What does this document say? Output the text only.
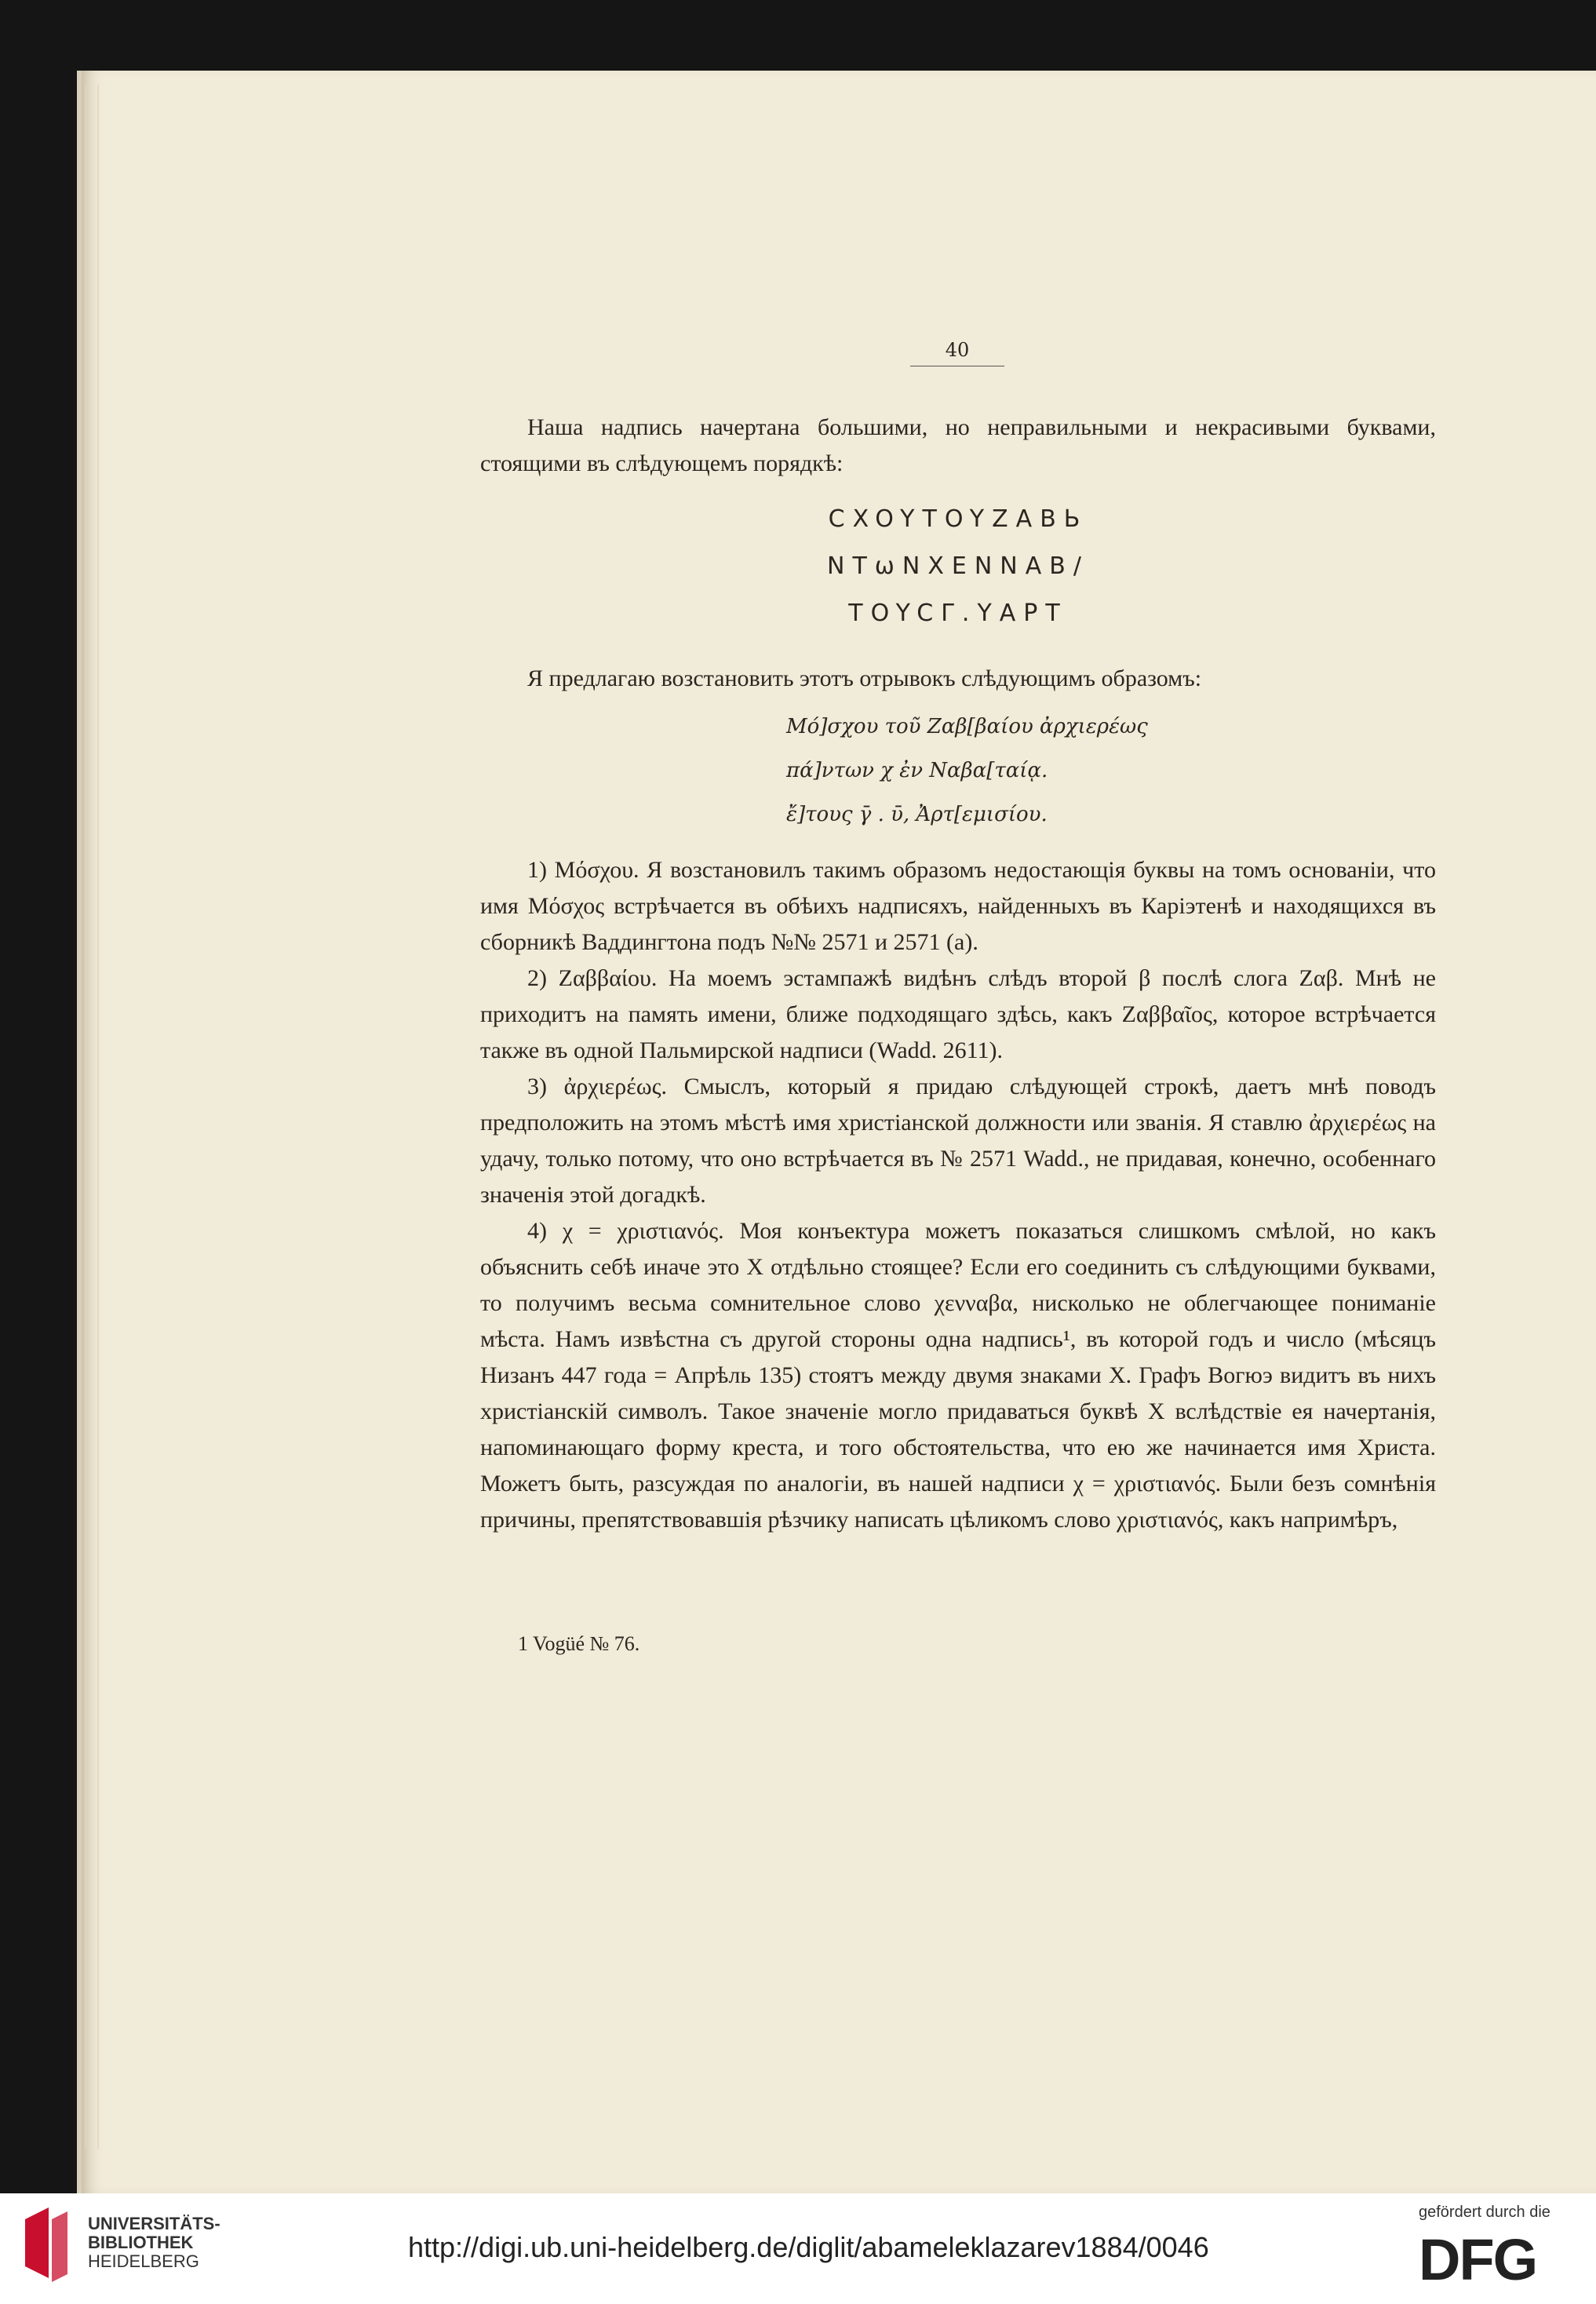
40

Наша надпись начертана большими, но неправильными и некрасивыми буквами, стоящими въ слѣдующемъ порядкѣ:

CXOYTOYZABЬ
NTωNXENNAB∕
TOYCΓ.ΥAPT

Я предлагаю возстановить этотъ отрывокъ слѣдующимъ образомъ:

Μό]σχου τοῦ Ζαβ[βαίου ἀρχιερέως
πά]ντων χ ἐν Ναβα[ταίᾳ.
ἔ]τους γ̄ . ῡ, Ἀρτ[εμισίου.

1) Μόσχου. Я возстановилъ такимъ образомъ недостающія буквы на томъ основаніи, что имя Μόσχος встрѣчается въ обѣихъ надписяхъ, найденныхъ въ Каріэтенѣ и находящихся въ сборникѣ Ваддингтона подъ №№ 2571 и 2571 (a).

2) Ζαββαίου. На моемъ эстампажѣ видѣнъ слѣдъ второй β послѣ слога Ζαβ. Мнѣ не приходитъ на память имени, ближе подходящаго здѣсь, какъ Ζαββαῖος, которое встрѣчается также въ одной Пальмирской надписи (Wadd. 2611).

3) ἀρχιερέως. Смыслъ, который я придаю слѣдующей строкѣ, даетъ мнѣ поводъ предположить на этомъ мѣстѣ имя христіанской должности или званія. Я ставлю ἀρχιερέως на удачу, только потому, что оно встрѣчается въ № 2571 Wadd., не придавая, конечно, особеннаго значенія этой догадкѣ.

4) χ = χριστιανός. Моя конъектура можетъ показаться слишкомъ смѣлой, но какъ объяснить себѣ иначе это X отдѣльно стоящее? Если его соединить съ слѣдующими буквами, то получимъ весьма сомнительное слово χενναβα, нисколько не облегчающее пониманіе мѣста. Намъ извѣстна съ другой стороны одна надпись¹, въ которой годъ и число (мѣсяцъ Низанъ 447 года = Апрѣль 135) стоятъ между двумя знаками X. Графъ Вогюэ видитъ въ нихъ христіанскій символъ. Такое значеніе могло придаваться буквѣ X вслѣдствіе ея начертанія, напоминающаго форму креста, и того обстоятельства, что ею же начинается имя Христа. Можетъ быть, разсуждая по аналогіи, въ нашей надписи χ = χριστιανός. Были безъ сомнѣнія причины, препятствовавшія рѣзчику написать цѣликомъ слово χριστιανός, какъ напримѣръ,

1 Vogüé № 76.
UNIVERSITÄTS-
BIBLIOTHEK
HEIDELBERG	http://digi.ub.uni-heidelberg.de/diglit/abameleklazarev1884/0046
gefördert durch die
DFG
